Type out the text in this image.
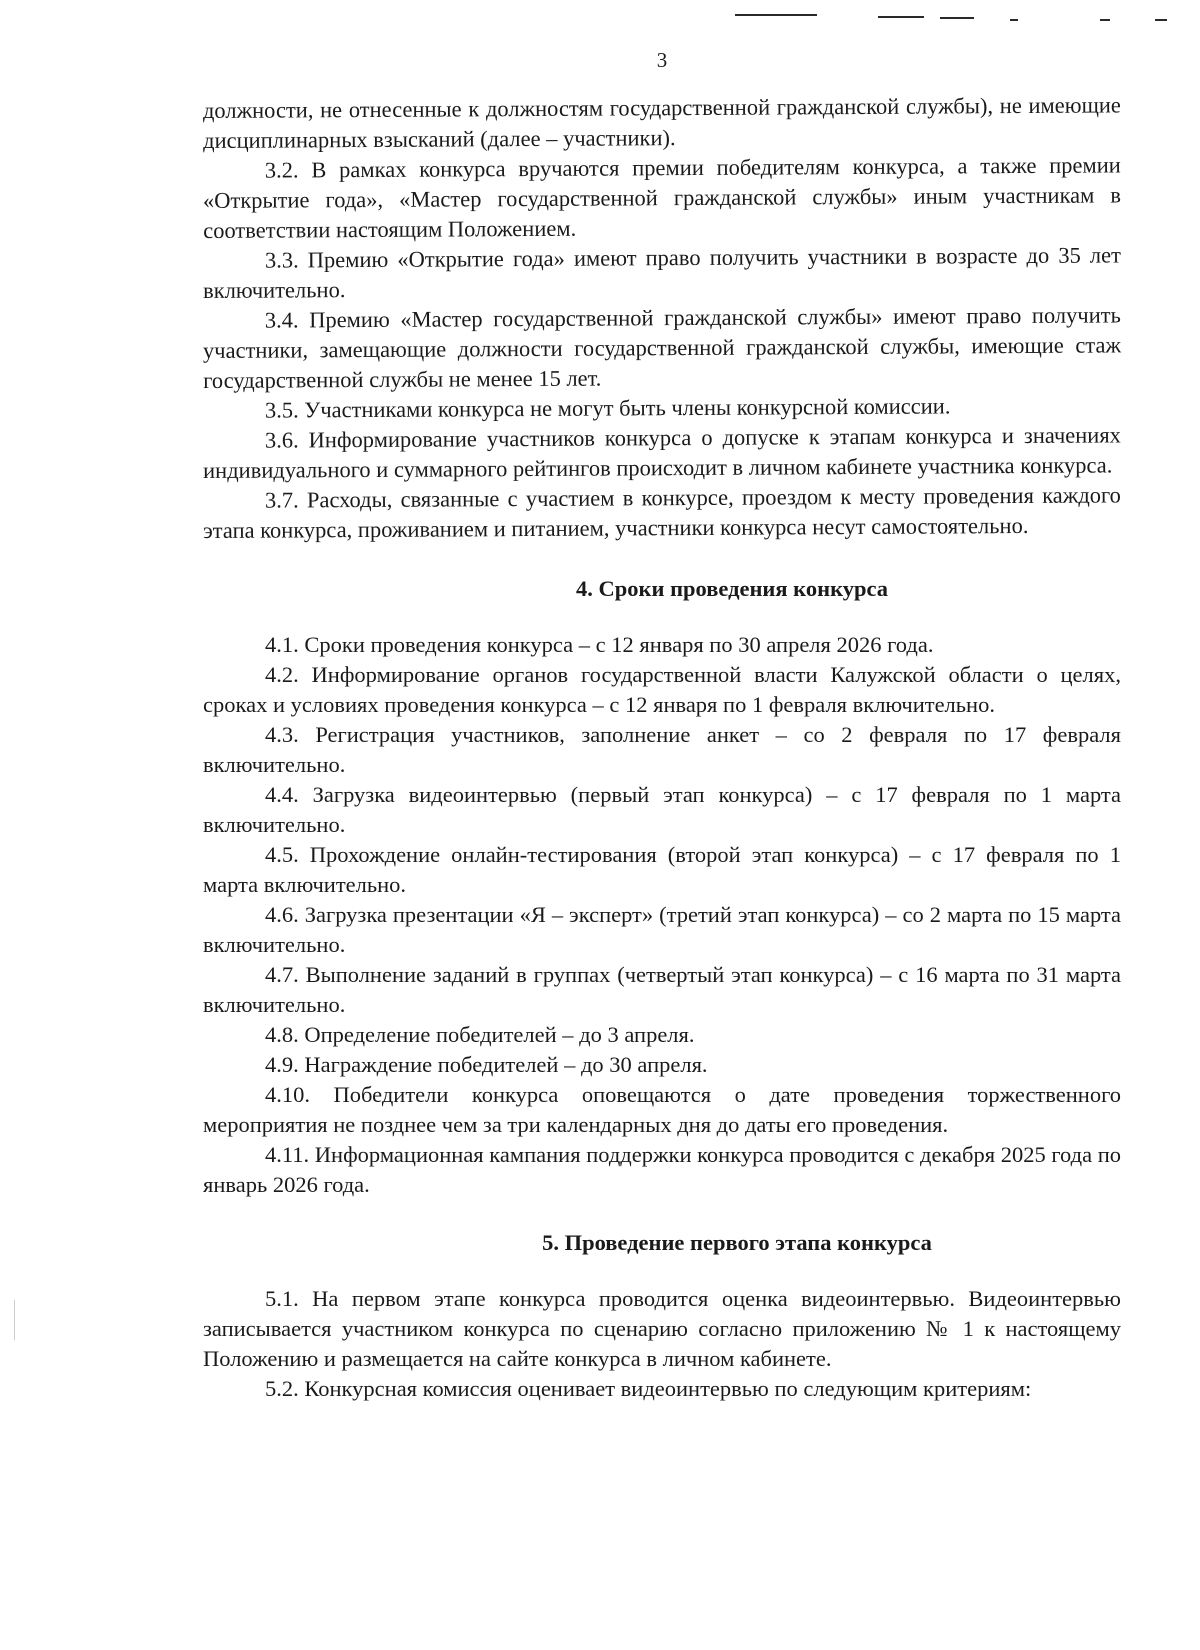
3

должности, не отнесенные к должностям государственной гражданской службы), не имеющие дисциплинарных взысканий (далее – участники).

3.2. В рамках конкурса вручаются премии победителям конкурса, а также премии «Открытие года», «Мастер государственной гражданской службы» иным участникам в соответствии настоящим Положением.

3.3. Премию «Открытие года» имеют право получить участники в возрасте до 35 лет включительно.

3.4. Премию «Мастер государственной гражданской службы» имеют право получить участники, замещающие должности государственной гражданской службы, имеющие стаж государственной службы не менее 15 лет.

3.5. Участниками конкурса не могут быть члены конкурсной комиссии.

3.6. Информирование участников конкурса о допуске к этапам конкурса и значениях индивидуального и суммарного рейтингов происходит в личном кабинете участника конкурса.

3.7. Расходы, связанные с участием в конкурсе, проездом к месту проведения каждого этапа конкурса, проживанием и питанием, участники конкурса несут самостоятельно.

4. Сроки проведения конкурса

4.1. Сроки проведения конкурса – с 12 января по 30 апреля 2026 года.

4.2. Информирование органов государственной власти Калужской области о целях, сроках и условиях проведения конкурса – с 12 января по 1 февраля включительно.

4.3. Регистрация участников, заполнение анкет – со 2 февраля по 17 февраля включительно.

4.4. Загрузка видеоинтервью (первый этап конкурса) – с 17 февраля по 1 марта включительно.

4.5. Прохождение онлайн-тестирования (второй этап конкурса) – с 17 февраля по 1 марта включительно.

4.6. Загрузка презентации «Я – эксперт» (третий этап конкурса) – со 2 марта по 15 марта включительно.

4.7. Выполнение заданий в группах (четвертый этап конкурса) – с 16 марта по 31 марта включительно.

4.8. Определение победителей – до 3 апреля.

4.9. Награждение победителей – до 30 апреля.

4.10. Победители конкурса оповещаются о дате проведения торжественного мероприятия не позднее чем за три календарных дня до даты его проведения.

4.11. Информационная кампания поддержки конкурса проводится с декабря 2025 года по январь 2026 года.

5. Проведение первого этапа конкурса

5.1. На первом этапе конкурса проводится оценка видеоинтервью. Видеоинтервью записывается участником конкурса по сценарию согласно приложению № 1 к настоящему Положению и размещается на сайте конкурса в личном кабинете.

5.2. Конкурсная комиссия оценивает видеоинтервью по следующим критериям:
